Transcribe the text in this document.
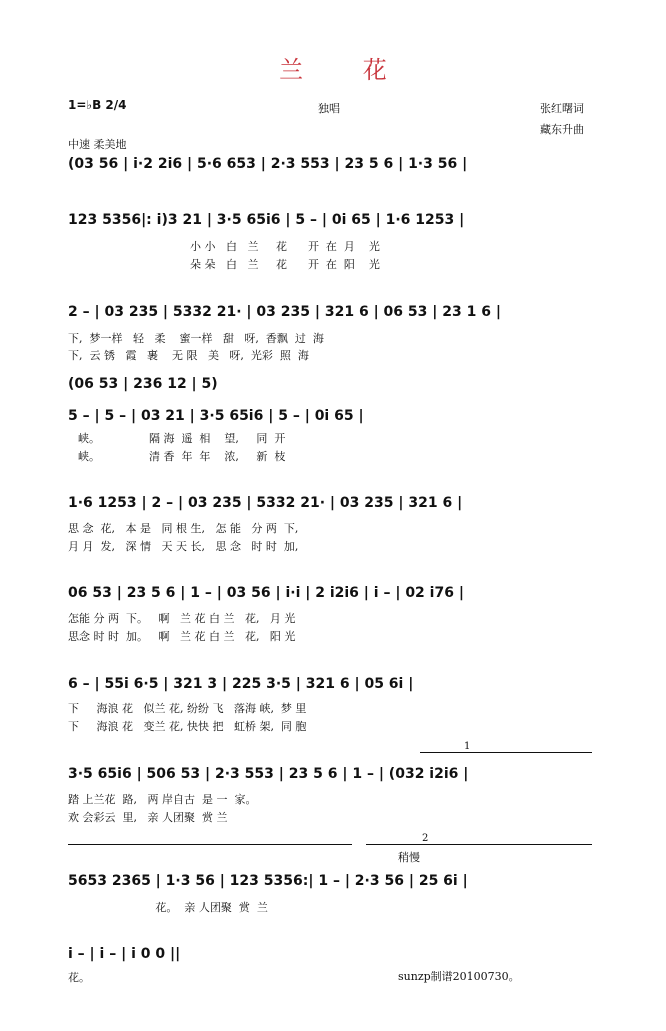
兰 花
1=♭B 2/4	独唱	张红曙词
藏东升曲
中速 柔美地
(03 56 | i·2 2i6 | 5·6 653 | 2·3 553 | 23 5 6 | 1·3 56 |
123 5356|: i)3 21 | 3·5 65i6 | 5 – | 0i 65 | 1·6 1253 |
小 小   白   兰     花      开  在  月    光
朵 朵   白   兰     花      开  在  阳    光
2 – | 03 235 | 5332 21· | 03 235 | 321 6 | 06 53 | 23 1 6 |
下,  梦一样   轻   柔    蜜一样   甜   呀,  香飘  过  海
下,  云 锈   霞   裹    无 限   美   呀,  光彩  照  海
(06 53 | 236 12 | 5)
5 – | 5 – | 03 21 | 3·5 65i6 | 5 – | 0i 65 |
峡。              隔 海  遥  相    望,     同  开
峡。              清 香  年  年    浓,     新  枝
1·6 1253 | 2 – | 03 235 | 5332 21· | 03 235 | 321 6 |
思 念  花,   本 是   同 根 生,   怎 能   分 两  下,
月 月  发,   深 情   天 天 长,   思 念   时 时  加,
06 53 | 23 5 6 | 1 – | 03 56 | i·i | 2 i2i6 | i – | 02 i76 |
怎能 分 两  下。   啊   兰 花 白 兰   花,   月 光
思念 时 时  加。   啊   兰 花 白 兰   花,   阳 光
6 – | 55i 6·5 | 321 3 | 225 3·5 | 321 6 | 05 6i |
下     海浪 花   似兰 花, 纷纷 飞   落海 峡,  梦 里
下     海浪 花   变兰 花, 快快 把   虹桥 架,  同 胞
1
3·5 65i6 | 506 53 | 2·3 553 | 23 5 6 | 1 – | (032 i2i6 |
踏 上兰花  路,   两 岸自古  是 一  家。
欢 会彩云  里,   亲 人团聚  赏 兰
2
稍慢
5653 2365 | 1·3 56 | 123 5356:| 1 – | 2·3 56 | 25 6i |
花。  亲 人团聚  赏  兰
i – | i – | i 0 0 ||
花。	sunzp制谱20100730。
